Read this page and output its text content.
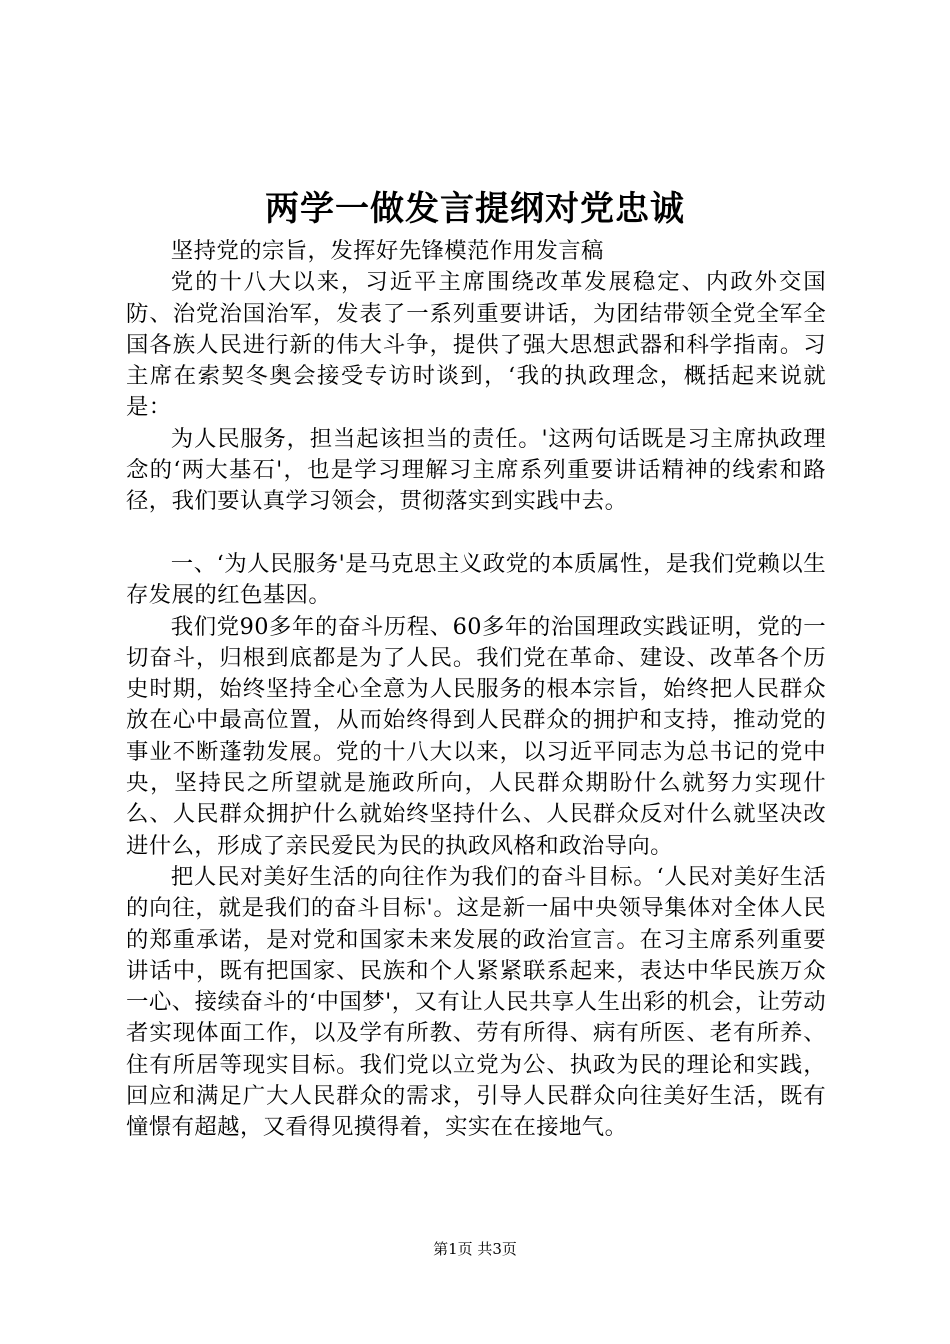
两学一做发言提纲对党忠诚

坚持党的宗旨，发挥好先锋模范作用发言稿

党的十八大以来，习近平主席围绕改革发展稳定、内政外交国防、治党治国治军，发表了一系列重要讲话，为团结带领全党全军全国各族人民进行新的伟大斗争，提供了强大思想武器和科学指南。习主席在索契冬奥会接受专访时谈到，‘我的执政理念，概括起来说就是：

为人民服务，担当起该担当的责任。'这两句话既是习主席执政理念的‘两大基石'，也是学习理解习主席系列重要讲话精神的线索和路径，我们要认真学习领会，贯彻落实到实践中去。

一、‘为人民服务'是马克思主义政党的本质属性，是我们党赖以生存发展的红色基因。

我们党90多年的奋斗历程、60多年的治国理政实践证明，党的一切奋斗，归根到底都是为了人民。我们党在革命、建设、改革各个历史时期，始终坚持全心全意为人民服务的根本宗旨，始终把人民群众放在心中最高位置，从而始终得到人民群众的拥护和支持，推动党的事业不断蓬勃发展。党的十八大以来，以习近平同志为总书记的党中央，坚持民之所望就是施政所向，人民群众期盼什么就努力实现什么、人民群众拥护什么就始终坚持什么、人民群众反对什么就坚决改进什么，形成了亲民爱民为民的执政风格和政治导向。

把人民对美好生活的向往作为我们的奋斗目标。‘人民对美好生活的向往，就是我们的奋斗目标'。这是新一届中央领导集体对全体人民的郑重承诺，是对党和国家未来发展的政治宣言。在习主席系列重要讲话中，既有把国家、民族和个人紧紧联系起来，表达中华民族万众一心、接续奋斗的‘中国梦'，又有让人民共享人生出彩的机会，让劳动者实现体面工作，以及学有所教、劳有所得、病有所医、老有所养、住有所居等现实目标。我们党以立党为公、执政为民的理论和实践，回应和满足广大人民群众的需求，引导人民群众向往美好生活，既有憧憬有超越，又看得见摸得着，实实在在接地气。

第1页 共3页
